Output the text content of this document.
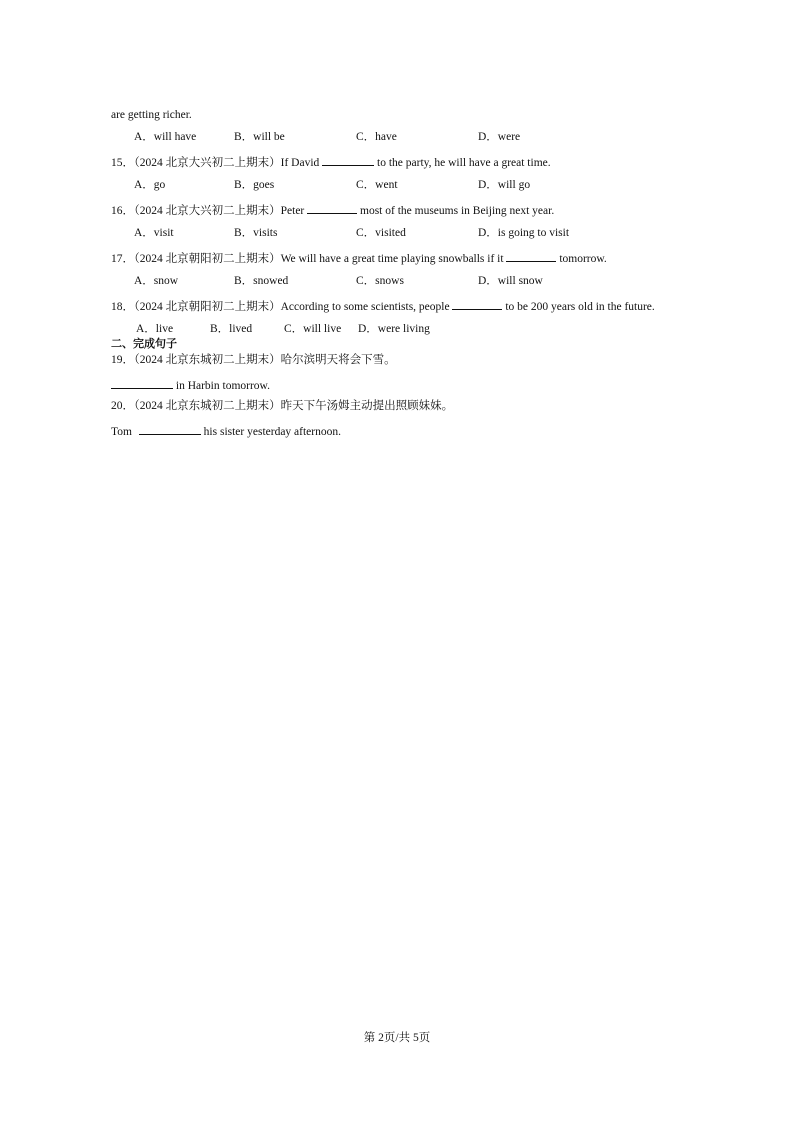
are getting richer.
A．will have	B．will be	C．have	D．were
15．（2024 北京大兴初二上期末）If David	to the party, he will have a great time.
A．go	B．goes	C．went	D．will go
16．（2024 北京大兴初二上期末）Peter	most of the museums in Beijing next year.
A．visit	B．visits	C．visited	D．is going to visit
17．（2024 北京朝阳初二上期末）We will have a great time playing snowballs if it	tomorrow.
A．snow	B．snowed	C．snows	D．will snow
18．（2024 北京朝阳初二上期末）According to some scientists, people	to be 200 years old in the future.
A．live	B．lived	C．will live D．were living
二、完成句子
19．（2024 北京东城初二上期末）哈尔滨明天将会下雪。
in Harbin tomorrow.
20．（2024 北京东城初二上期末）昨天下午汤姆主动提出照顾妹妹。
Tom	his sister yesterday afternoon.
第 2页/共 5页
